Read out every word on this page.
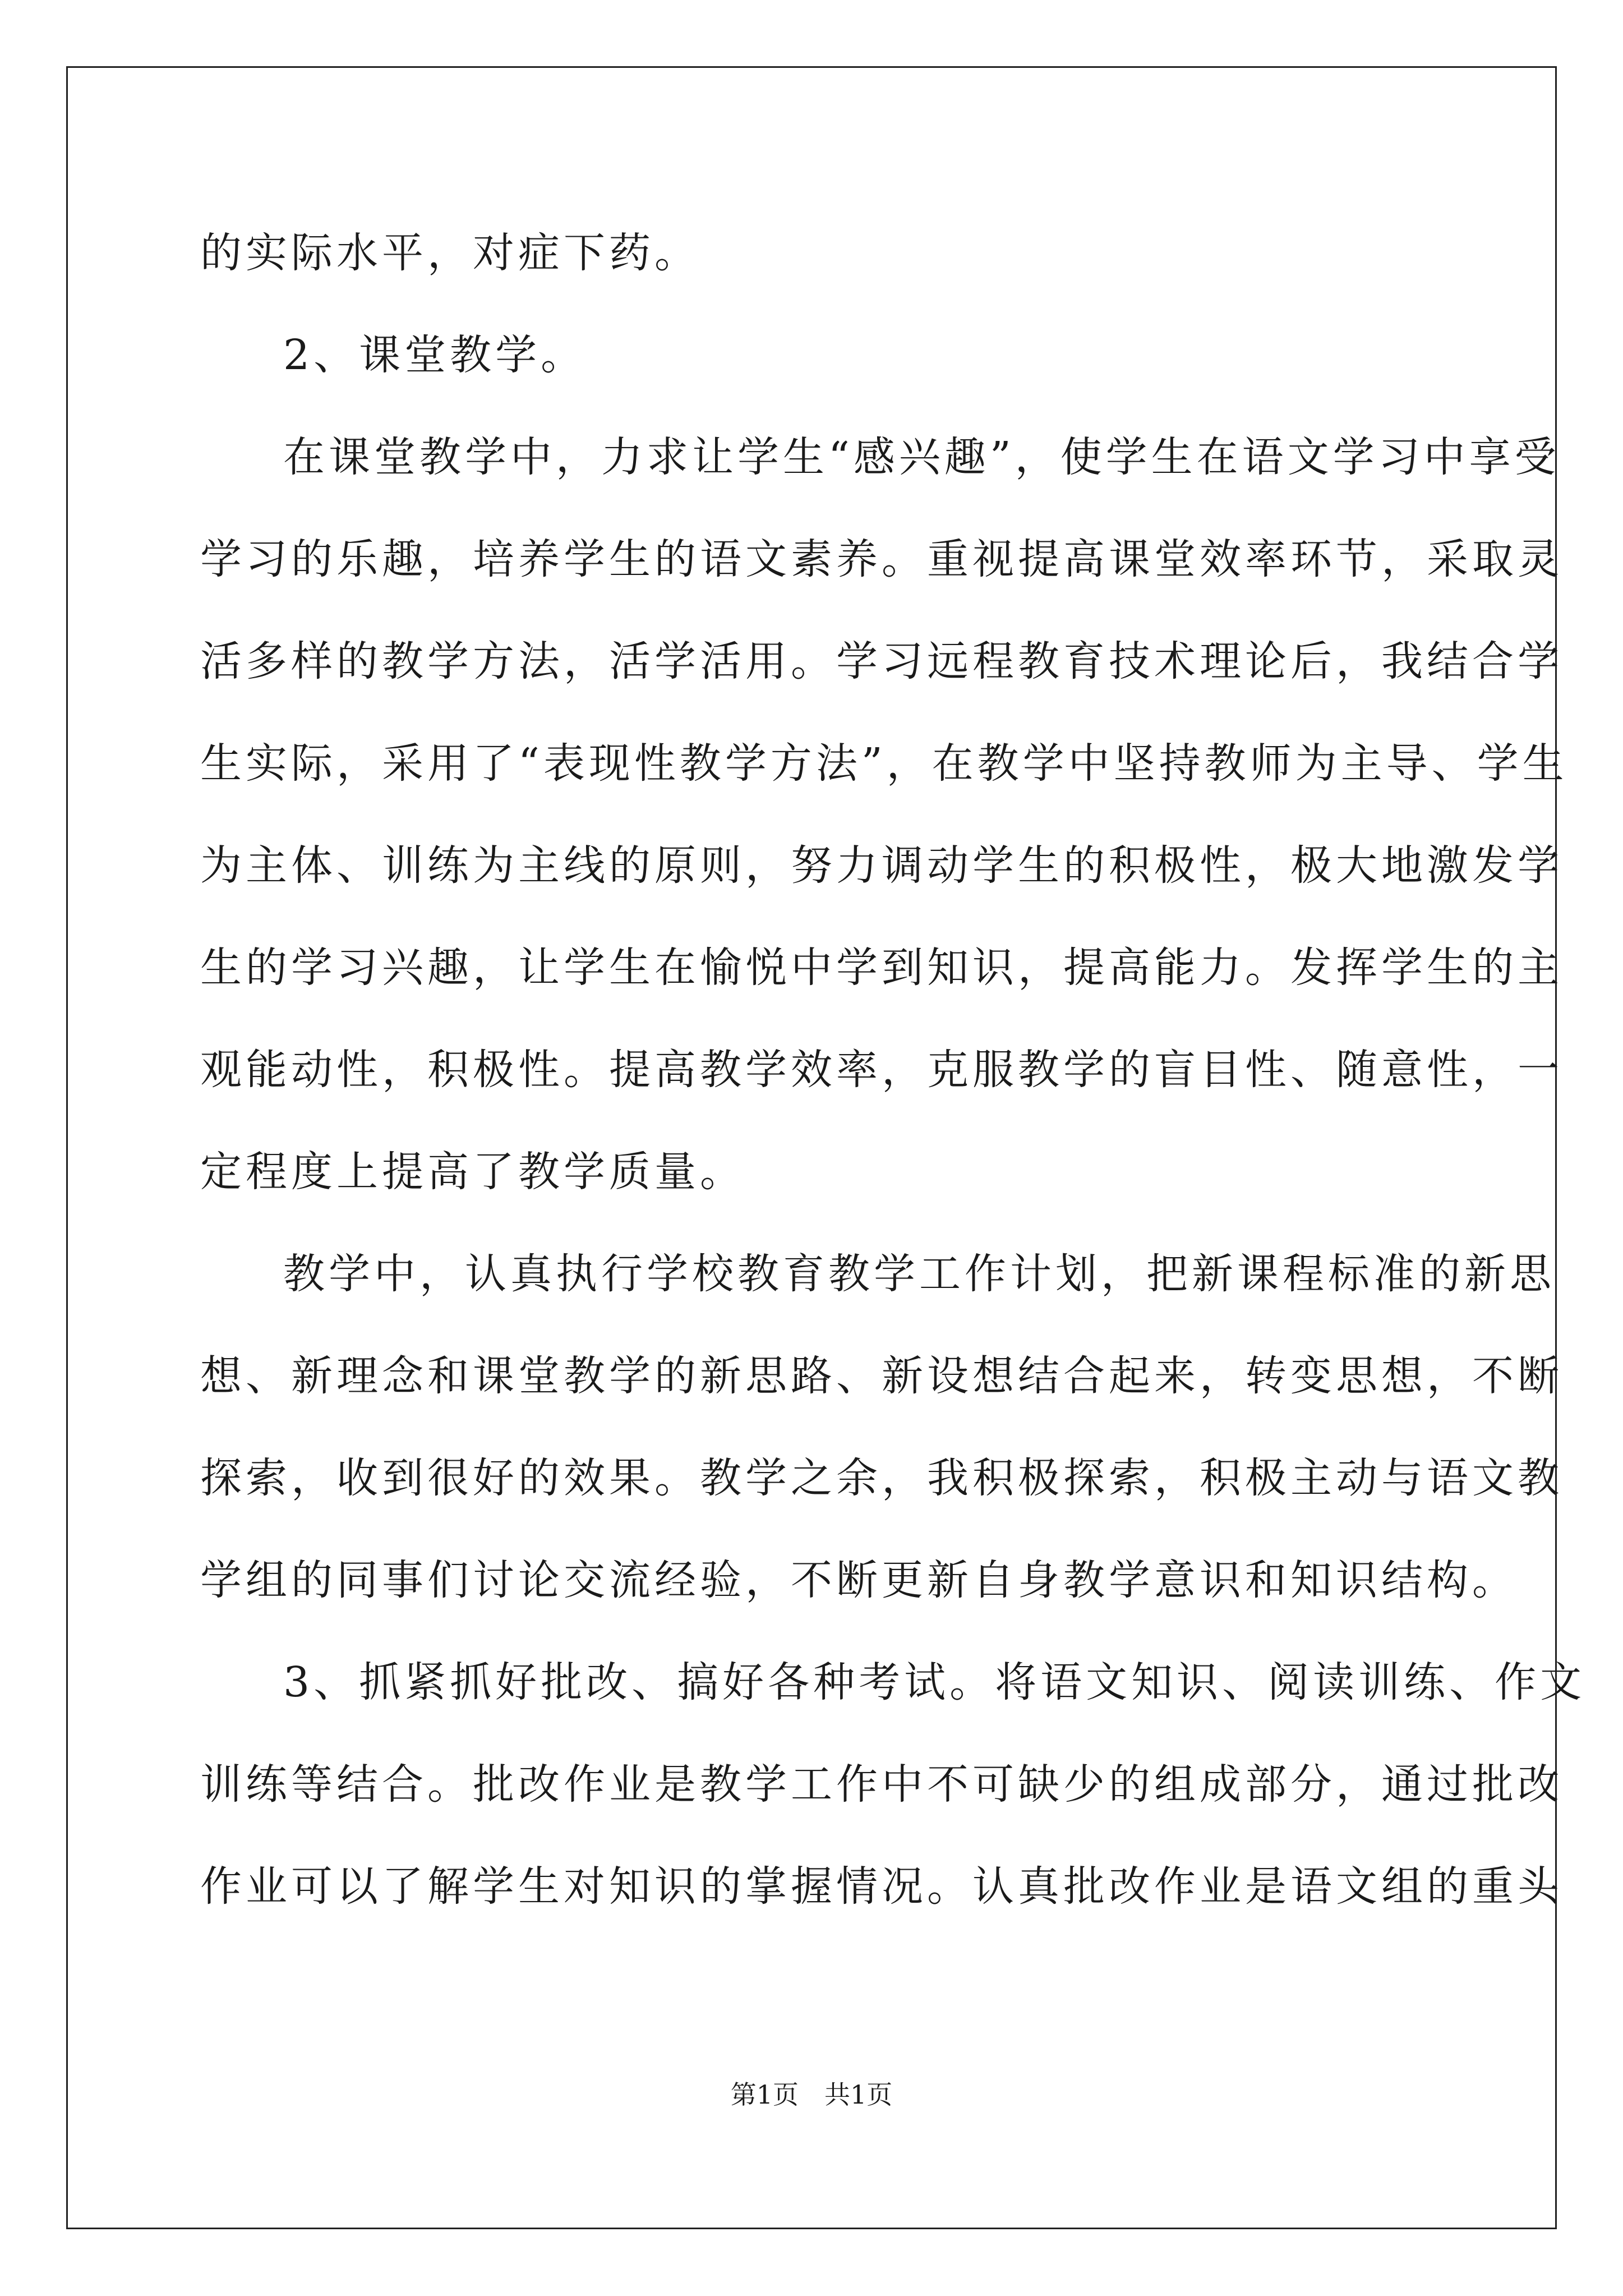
的实际水平，对症下药。
2、课堂教学。
在课堂教学中，力求让学生“感兴趣”，使学生在语文学习中享受
学习的乐趣，培养学生的语文素养。重视提高课堂效率环节，采取灵
活多样的教学方法，活学活用。学习远程教育技术理论后，我结合学
生实际，采用了“表现性教学方法”，在教学中坚持教师为主导、学生
为主体、训练为主线的原则，努力调动学生的积极性，极大地激发学
生的学习兴趣，让学生在愉悦中学到知识，提高能力。发挥学生的主
观能动性，积极性。提高教学效率，克服教学的盲目性、随意性，一
定程度上提高了教学质量。
教学中，认真执行学校教育教学工作计划，把新课程标准的新思
想、新理念和课堂教学的新思路、新设想结合起来，转变思想，不断
探索，收到很好的效果。教学之余，我积极探索，积极主动与语文教
学组的同事们讨论交流经验，不断更新自身教学意识和知识结构。
3、抓紧抓好批改、搞好各种考试。将语文知识、阅读训练、作文
训练等结合。批改作业是教学工作中不可缺少的组成部分，通过批改
作业可以了解学生对知识的掌握情况。认真批改作业是语文组的重头
第1页　共1页
